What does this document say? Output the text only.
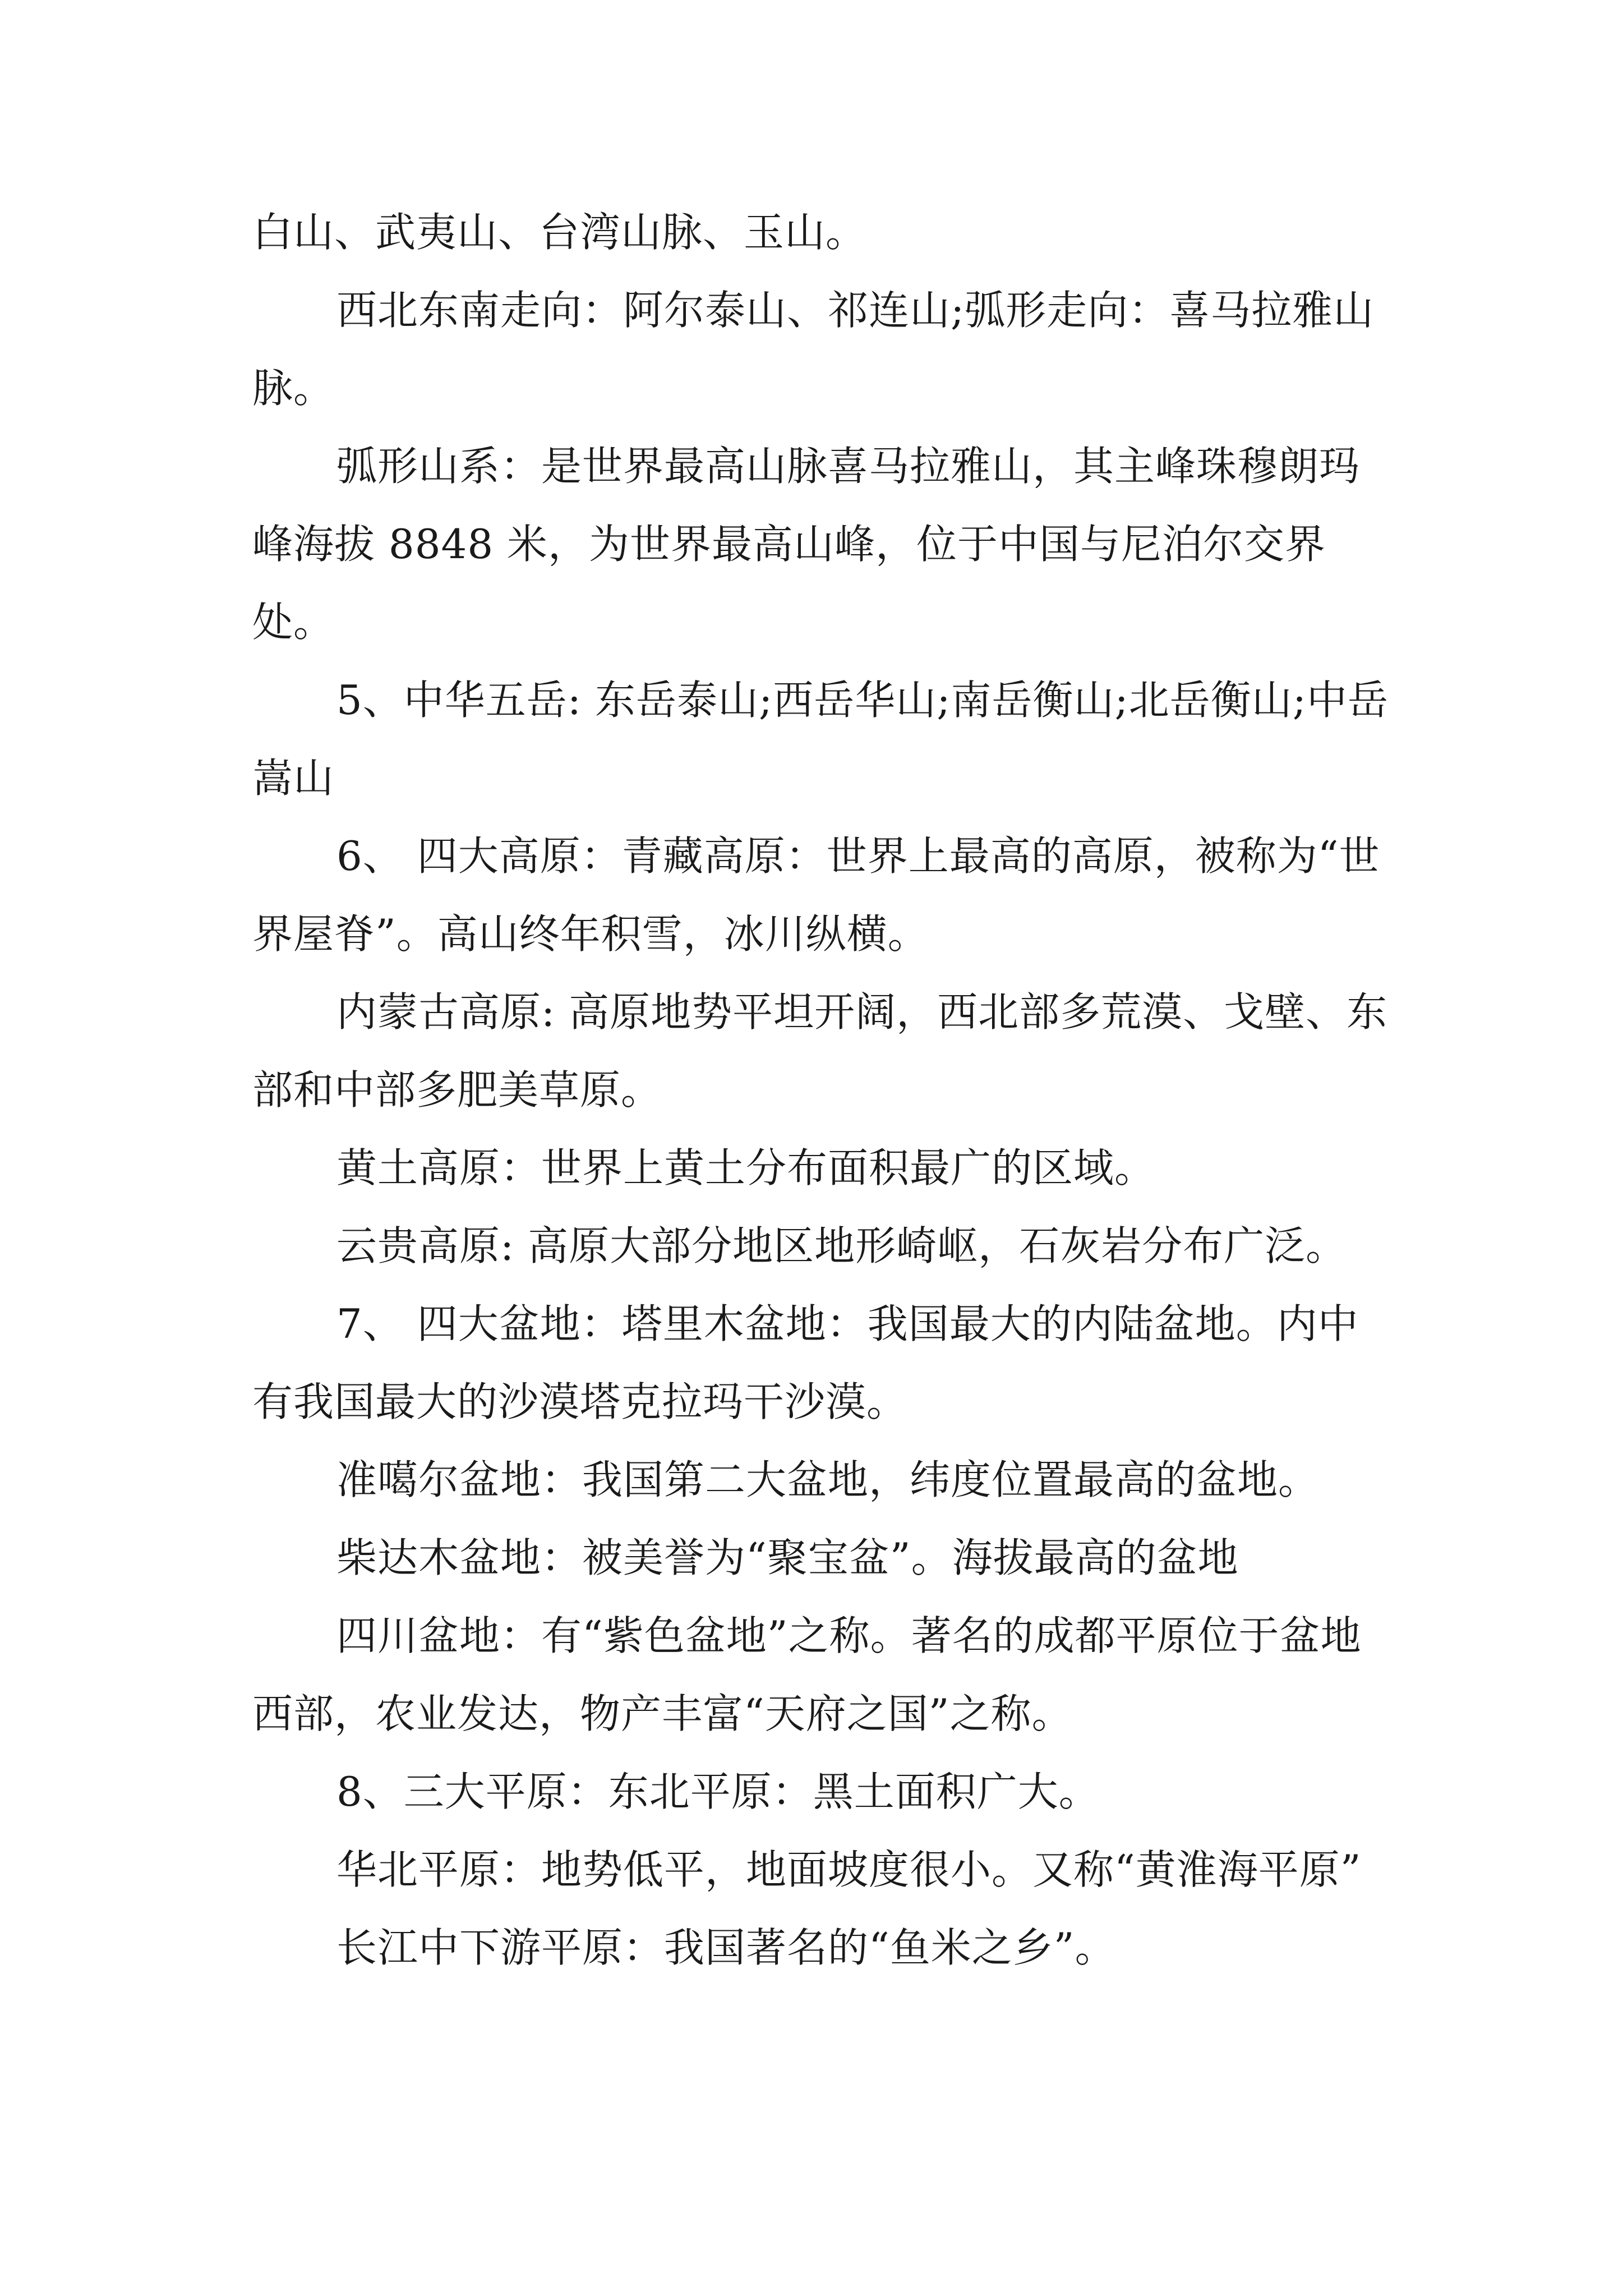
白山、武夷山、台湾山脉、玉山。

西北东南走向：阿尔泰山、祁连山;弧形走向：喜马拉雅山脉。

弧形山系：是世界最高山脉喜马拉雅山，其主峰珠穆朗玛峰海拔 8848 米，为世界最高山峰，位于中国与尼泊尔交界处。

5、中华五岳: 东岳泰山;西岳华山;南岳衡山;北岳衡山;中岳嵩山

6、 四大高原：青藏高原：世界上最高的高原，被称为“世界屋脊”。高山终年积雪，冰川纵横。

内蒙古高原: 高原地势平坦开阔，西北部多荒漠、戈壁、东部和中部多肥美草原。

黄土高原：世界上黄土分布面积最广的区域。

云贵高原: 高原大部分地区地形崎岖，石灰岩分布广泛。

7、 四大盆地：塔里木盆地：我国最大的内陆盆地。内中有我国最大的沙漠塔克拉玛干沙漠。

准噶尔盆地：我国第二大盆地，纬度位置最高的盆地。

柴达木盆地：被美誉为“聚宝盆”。海拔最高的盆地

四川盆地：有“紫色盆地”之称。著名的成都平原位于盆地西部，农业发达，物产丰富“天府之国”之称。

8、三大平原：东北平原：黑土面积广大。

华北平原：地势低平，地面坡度很小。又称“黄淮海平原”

长江中下游平原：我国著名的“鱼米之乡”。
